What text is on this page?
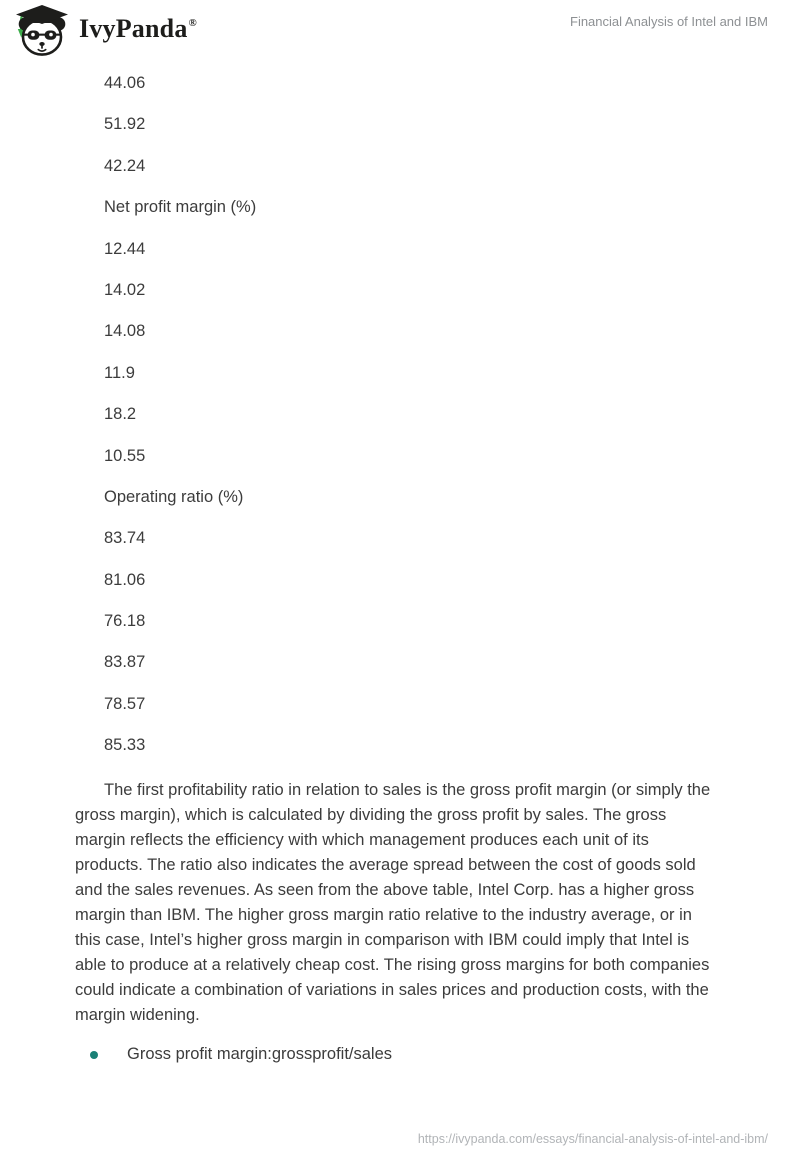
IvyPanda®	Financial Analysis of Intel and IBM

44.06

51.92

42.24

Net profit margin (%)

12.44

14.02

14.08

11.9

18.2

10.55

Operating ratio (%)

83.74

81.06

76.18

83.87

78.57

85.33

The first profitability ratio in relation to sales is the gross profit margin (or simply the gross margin), which is calculated by dividing the gross profit by sales. The gross margin reflects the efficiency with which management produces each unit of its products. The ratio also indicates the average spread between the cost of goods sold and the sales revenues. As seen from the above table, Intel Corp. has a higher gross margin than IBM. The higher gross margin ratio relative to the industry average, or in this case, Intel’s higher gross margin in comparison with IBM could imply that Intel is able to produce at a relatively cheap cost. The rising gross margins for both companies could indicate a combination of variations in sales prices and production costs, with the margin widening.

Gross profit margin:grossprofit/sales
https://ivypanda.com/essays/financial-analysis-of-intel-and-ibm/
